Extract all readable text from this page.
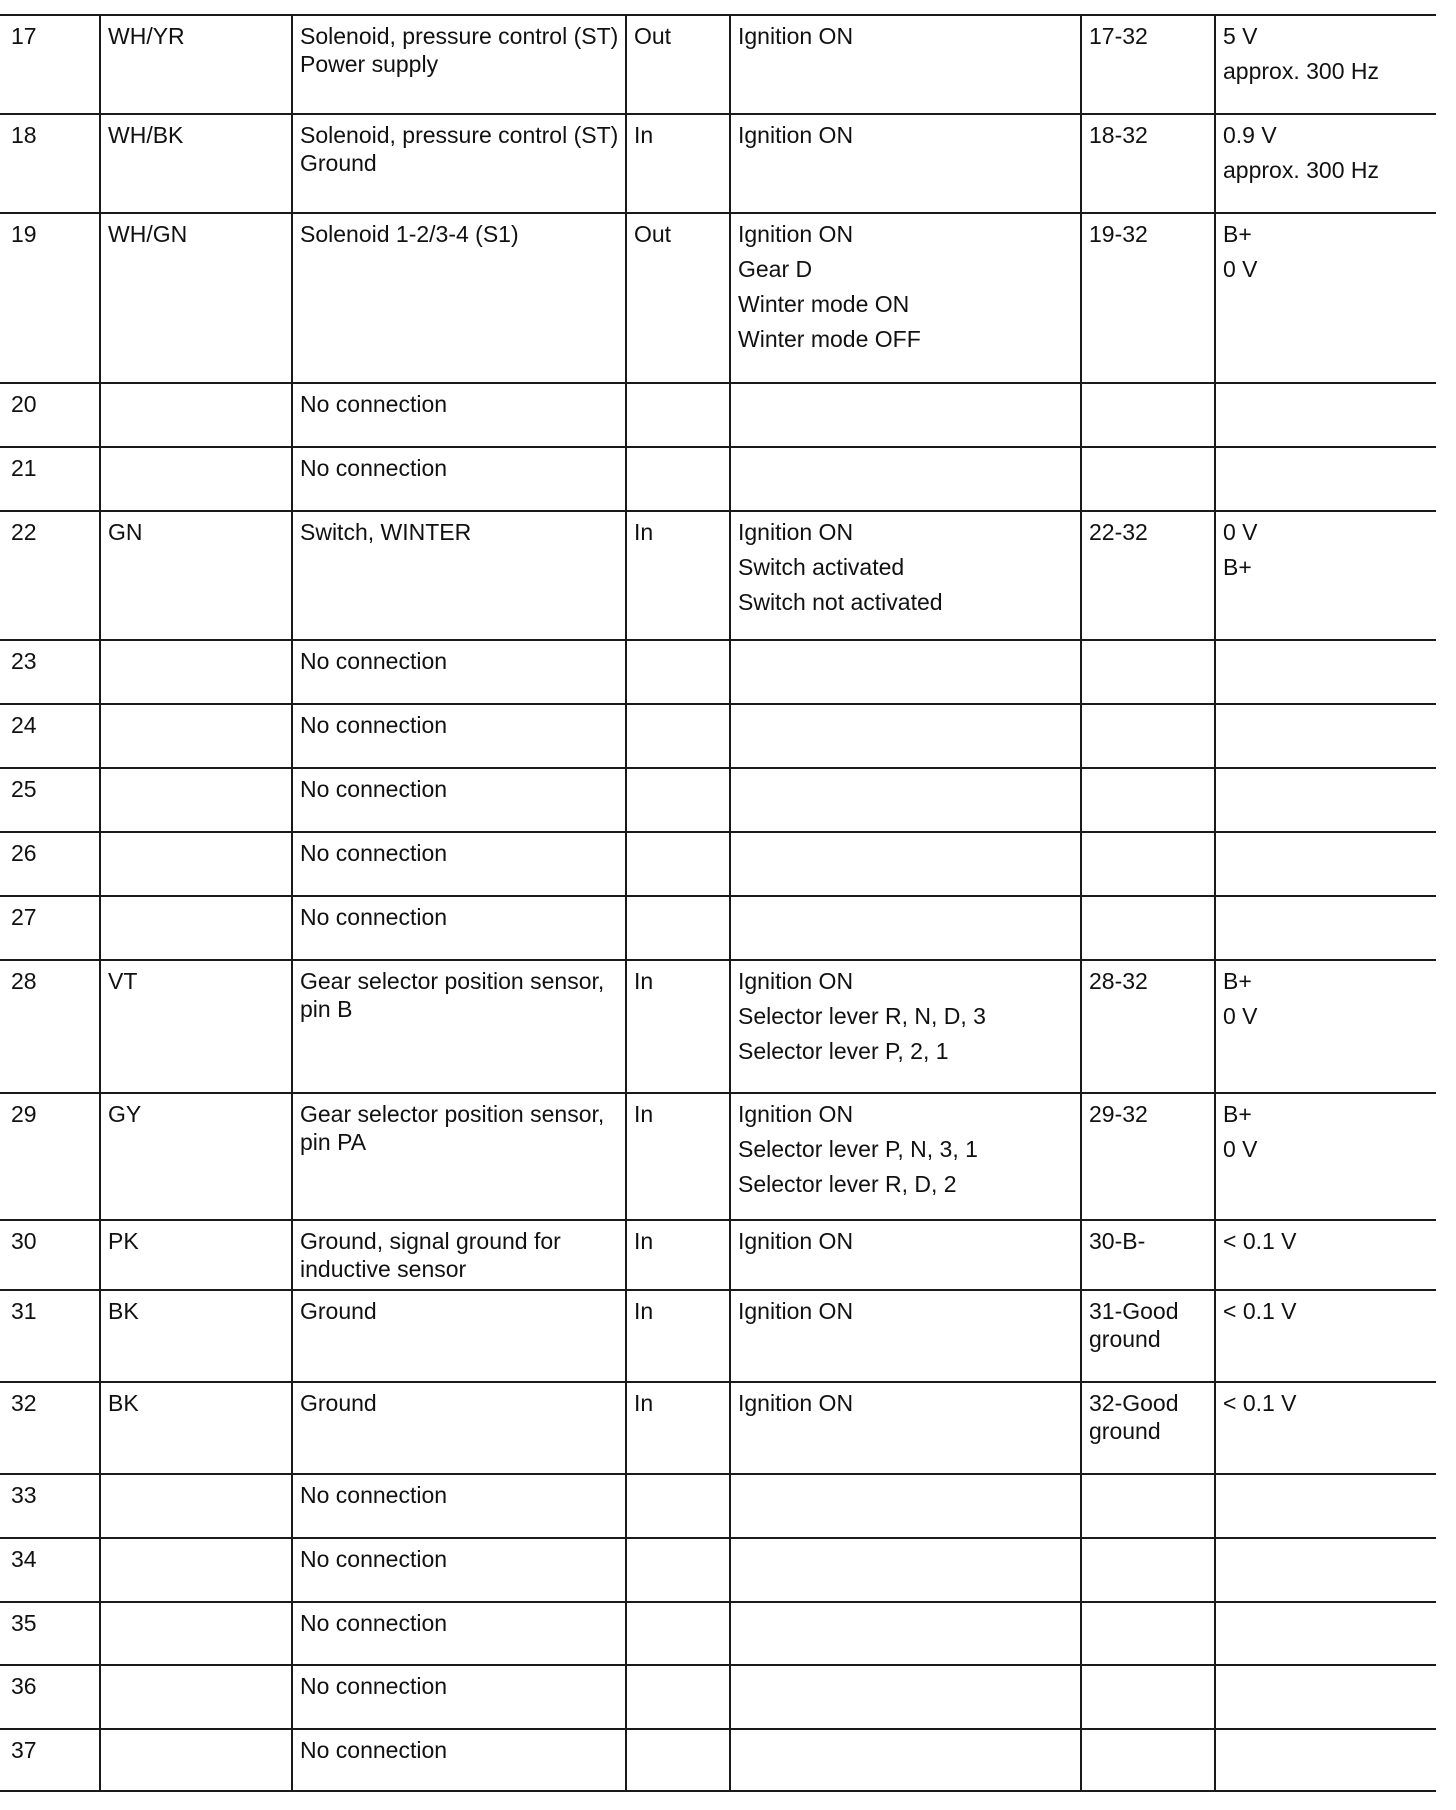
17	WH/YR	Solenoid, pressure control (ST) Power supply	Out	Ignition ON	17-32	5 V
approx. 300 Hz

18	WH/BK	Solenoid, pressure control (ST) Ground	In	Ignition ON	18-32	0.9 V
approx. 300 Hz

19	WH/GN	Solenoid 1-2/3-4 (S1)	Out	Ignition ON
Gear D
Winter mode ON
Winter mode OFF	19-32	B+
0 V

20		No connection				
21		No connection				
22	GN	Switch, WINTER	In	Ignition ON
Switch activated
Switch not activated	22-32	0 V
B+

23		No connection				
24		No connection				
25		No connection				
26		No connection				
27		No connection				
28	VT	Gear selector position sensor, pin B	In	Ignition ON
Selector lever R, N, D, 3
Selector lever P, 2, 1	28-32	B+
0 V

29	GY	Gear selector position sensor, pin PA	In	Ignition ON
Selector lever P, N, 3, 1
Selector lever R, D, 2	29-32	B+
0 V

30	PK	Ground, signal ground for inductive sensor	In	Ignition ON	30-B-	< 0.1 V

31	BK	Ground	In	Ignition ON	31-Good ground	< 0.1 V

32	BK	Ground	In	Ignition ON	32-Good ground	< 0.1 V

33		No connection				
34		No connection				
35		No connection				
36		No connection				
37		No connection				
